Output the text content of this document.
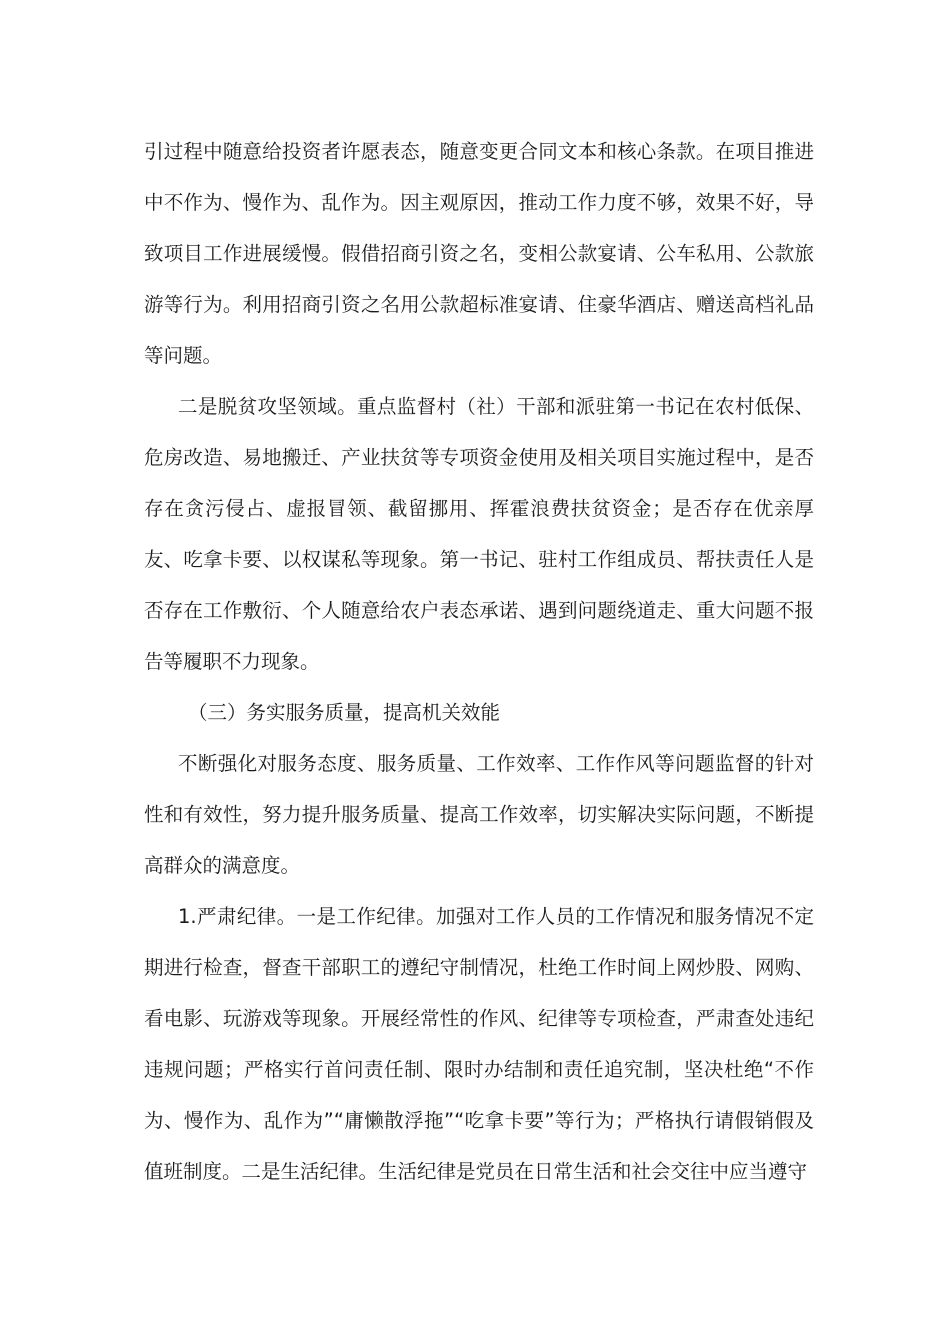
引过程中随意给投资者许愿表态，随意变更合同文本和核心条款。在项目推进中不作为、慢作为、乱作为。因主观原因，推动工作力度不够，效果不好，导致项目工作进展缓慢。假借招商引资之名，变相公款宴请、公车私用、公款旅游等行为。利用招商引资之名用公款超标准宴请、住豪华酒店、赠送高档礼品等问题。

二是脱贫攻坚领域。重点监督村（社）干部和派驻第一书记在农村低保、危房改造、易地搬迁、产业扶贫等专项资金使用及相关项目实施过程中，是否存在贪污侵占、虚报冒领、截留挪用、挥霍浪费扶贫资金；是否存在优亲厚友、吃拿卡要、以权谋私等现象。第一书记、驻村工作组成员、帮扶责任人是否存在工作敷衍、个人随意给农户表态承诺、遇到问题绕道走、重大问题不报告等履职不力现象。

（三）务实服务质量，提高机关效能

不断强化对服务态度、服务质量、工作效率、工作作风等问题监督的针对性和有效性，努力提升服务质量、提高工作效率，切实解决实际问题，不断提高群众的满意度。

1.严肃纪律。一是工作纪律。加强对工作人员的工作情况和服务情况不定期进行检查，督查干部职工的遵纪守制情况，杜绝工作时间上网炒股、网购、看电影、玩游戏等现象。开展经常性的作风、纪律等专项检查，严肃查处违纪违规问题；严格实行首问责任制、限时办结制和责任追究制，坚决杜绝“不作为、慢作为、乱作为”“庸懒散浮拖”“吃拿卡要”等行为；严格执行请假销假及值班制度。二是生活纪律。生活纪律是党员在日常生活和社会交往中应当遵守
